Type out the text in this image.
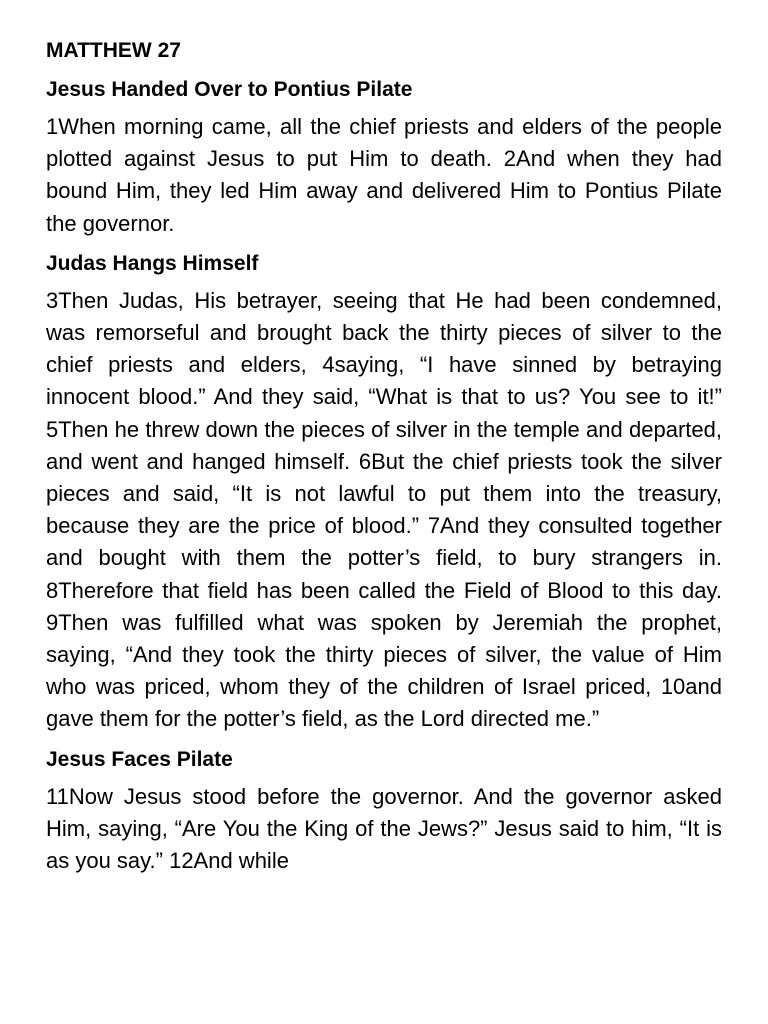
MATTHEW 27
Jesus Handed Over to Pontius Pilate
1When morning came, all the chief priests and elders of the people plotted against Jesus to put Him to death. 2And when they had bound Him, they led Him away and delivered Him to Pontius Pilate the governor.
Judas Hangs Himself
3Then Judas, His betrayer, seeing that He had been condemned, was remorseful and brought back the thirty pieces of silver to the chief priests and elders, 4saying, “I have sinned by betraying innocent blood.” And they said, “What is that to us? You see to it!” 5Then he threw down the pieces of silver in the temple and departed, and went and hanged himself. 6But the chief priests took the silver pieces and said, “It is not lawful to put them into the treasury, because they are the price of blood.” 7And they consulted together and bought with them the potter’s field, to bury strangers in. 8Therefore that field has been called the Field of Blood to this day. 9Then was fulfilled what was spoken by Jeremiah the prophet, saying, “And they took the thirty pieces of silver, the value of Him who was priced, whom they of the children of Israel priced, 10and gave them for the potter’s field, as the Lord directed me.”
Jesus Faces Pilate
11Now Jesus stood before the governor. And the governor asked Him, saying, “Are You the King of the Jews?” Jesus said to him, “It is as you say.” 12And while
